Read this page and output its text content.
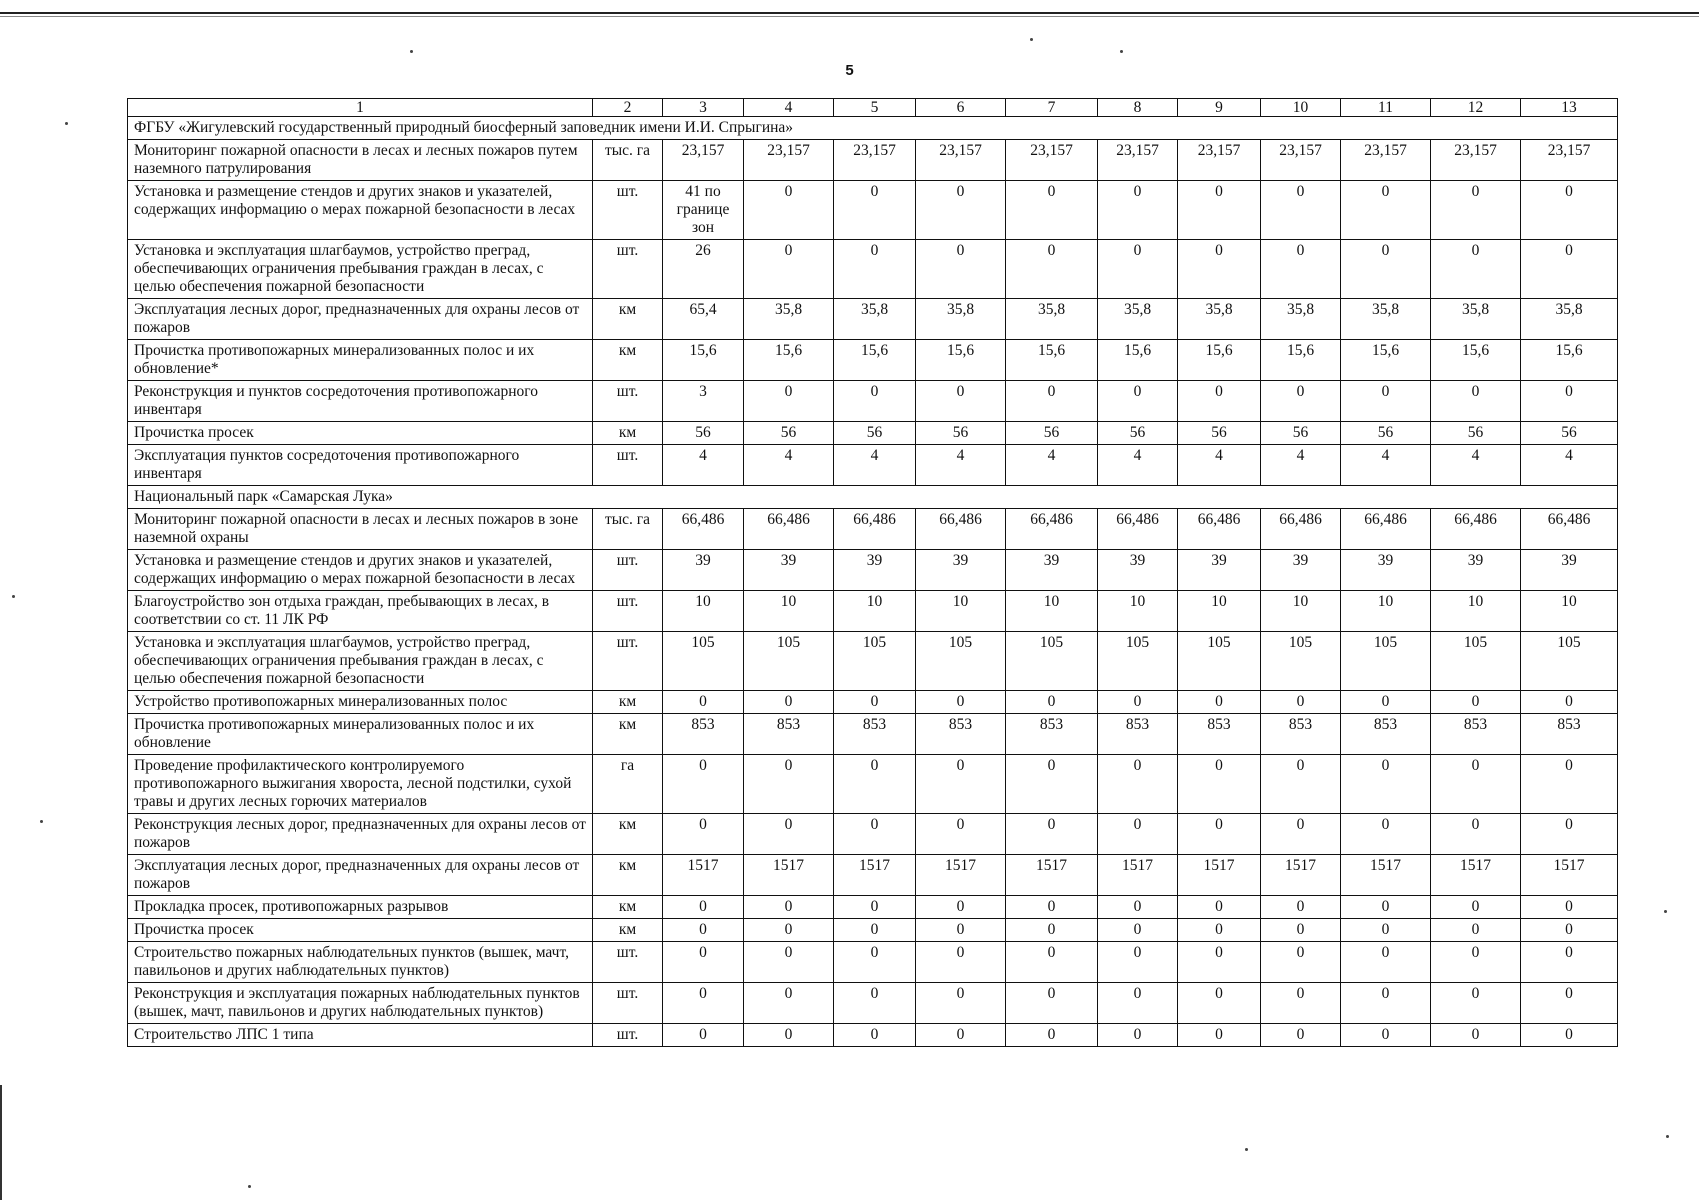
5
1	2	3	4	5	6	7	8	9	10	11	12	13
ФГБУ «Жигулевский государственный природный биосферный заповедник имени И.И. Спрыгина»												
Мониторинг пожарной опасности в лесах и лесных пожаров путем наземного патрулирования	тыс. га	23,157	23,157	23,157	23,157	23,157	23,157	23,157	23,157	23,157	23,157	23,157
Установка и размещение стендов и других знаков и указателей, содержащих информацию о мерах пожарной безопасности в лесах	шт.	41 по границе зон	0	0	0	0	0	0	0	0	0	0
Установка и эксплуатация шлагбаумов, устройство преград, обеспечивающих ограничения пребывания граждан в лесах, с целью обеспечения пожарной безопасности	шт.	26	0	0	0	0	0	0	0	0	0	0
Эксплуатация лесных дорог, предназначенных для охраны лесов от пожаров	км	65,4	35,8	35,8	35,8	35,8	35,8	35,8	35,8	35,8	35,8	35,8
Прочистка противопожарных минерализованных полос и их обновление*	км	15,6	15,6	15,6	15,6	15,6	15,6	15,6	15,6	15,6	15,6	15,6
Реконструкция и пунктов сосредоточения противопожарного инвентаря	шт.	3	0	0	0	0	0	0	0	0	0	0
Прочистка просек	км	56	56	56	56	56	56	56	56	56	56	56
Эксплуатация пунктов сосредоточения противопожарного инвентаря	шт.	4	4	4	4	4	4	4	4	4	4	4
Национальный парк «Самарская Лука»												
Мониторинг пожарной опасности в лесах и лесных пожаров в зоне наземной охраны	тыс. га	66,486	66,486	66,486	66,486	66,486	66,486	66,486	66,486	66,486	66,486	66,486
Установка и размещение стендов и других знаков и указателей, содержащих информацию о мерах пожарной безопасности в лесах	шт.	39	39	39	39	39	39	39	39	39	39	39
Благоустройство зон отдыха граждан, пребывающих в лесах, в соответствии со ст. 11 ЛК РФ	шт.	10	10	10	10	10	10	10	10	10	10	10
Установка и эксплуатация шлагбаумов, устройство преград, обеспечивающих ограничения пребывания граждан в лесах, с целью обеспечения пожарной безопасности	шт.	105	105	105	105	105	105	105	105	105	105	105
Устройство противопожарных минерализованных полос	км	0	0	0	0	0	0	0	0	0	0	0
Прочистка противопожарных минерализованных полос и их обновление	км	853	853	853	853	853	853	853	853	853	853	853
Проведение профилактического контролируемого противопожарного выжигания хвороста, лесной подстилки, сухой травы и других лесных горючих материалов	га	0	0	0	0	0	0	0	0	0	0	0
Реконструкция лесных дорог, предназначенных для охраны лесов от пожаров	км	0	0	0	0	0	0	0	0	0	0	0
Эксплуатация лесных дорог, предназначенных для охраны лесов от пожаров	км	1517	1517	1517	1517	1517	1517	1517	1517	1517	1517	1517
Прокладка просек, противопожарных разрывов	км	0	0	0	0	0	0	0	0	0	0	0
Прочистка просек	км	0	0	0	0	0	0	0	0	0	0	0
Строительство пожарных наблюдательных пунктов (вышек, мачт, павильонов и других наблюдательных пунктов)	шт.	0	0	0	0	0	0	0	0	0	0	0
Реконструкция и эксплуатация пожарных наблюдательных пунктов (вышек, мачт, павильонов и других наблюдательных пунктов)	шт.	0	0	0	0	0	0	0	0	0	0	0
Строительство ЛПС 1 типа	шт.	0	0	0	0	0	0	0	0	0	0	0
